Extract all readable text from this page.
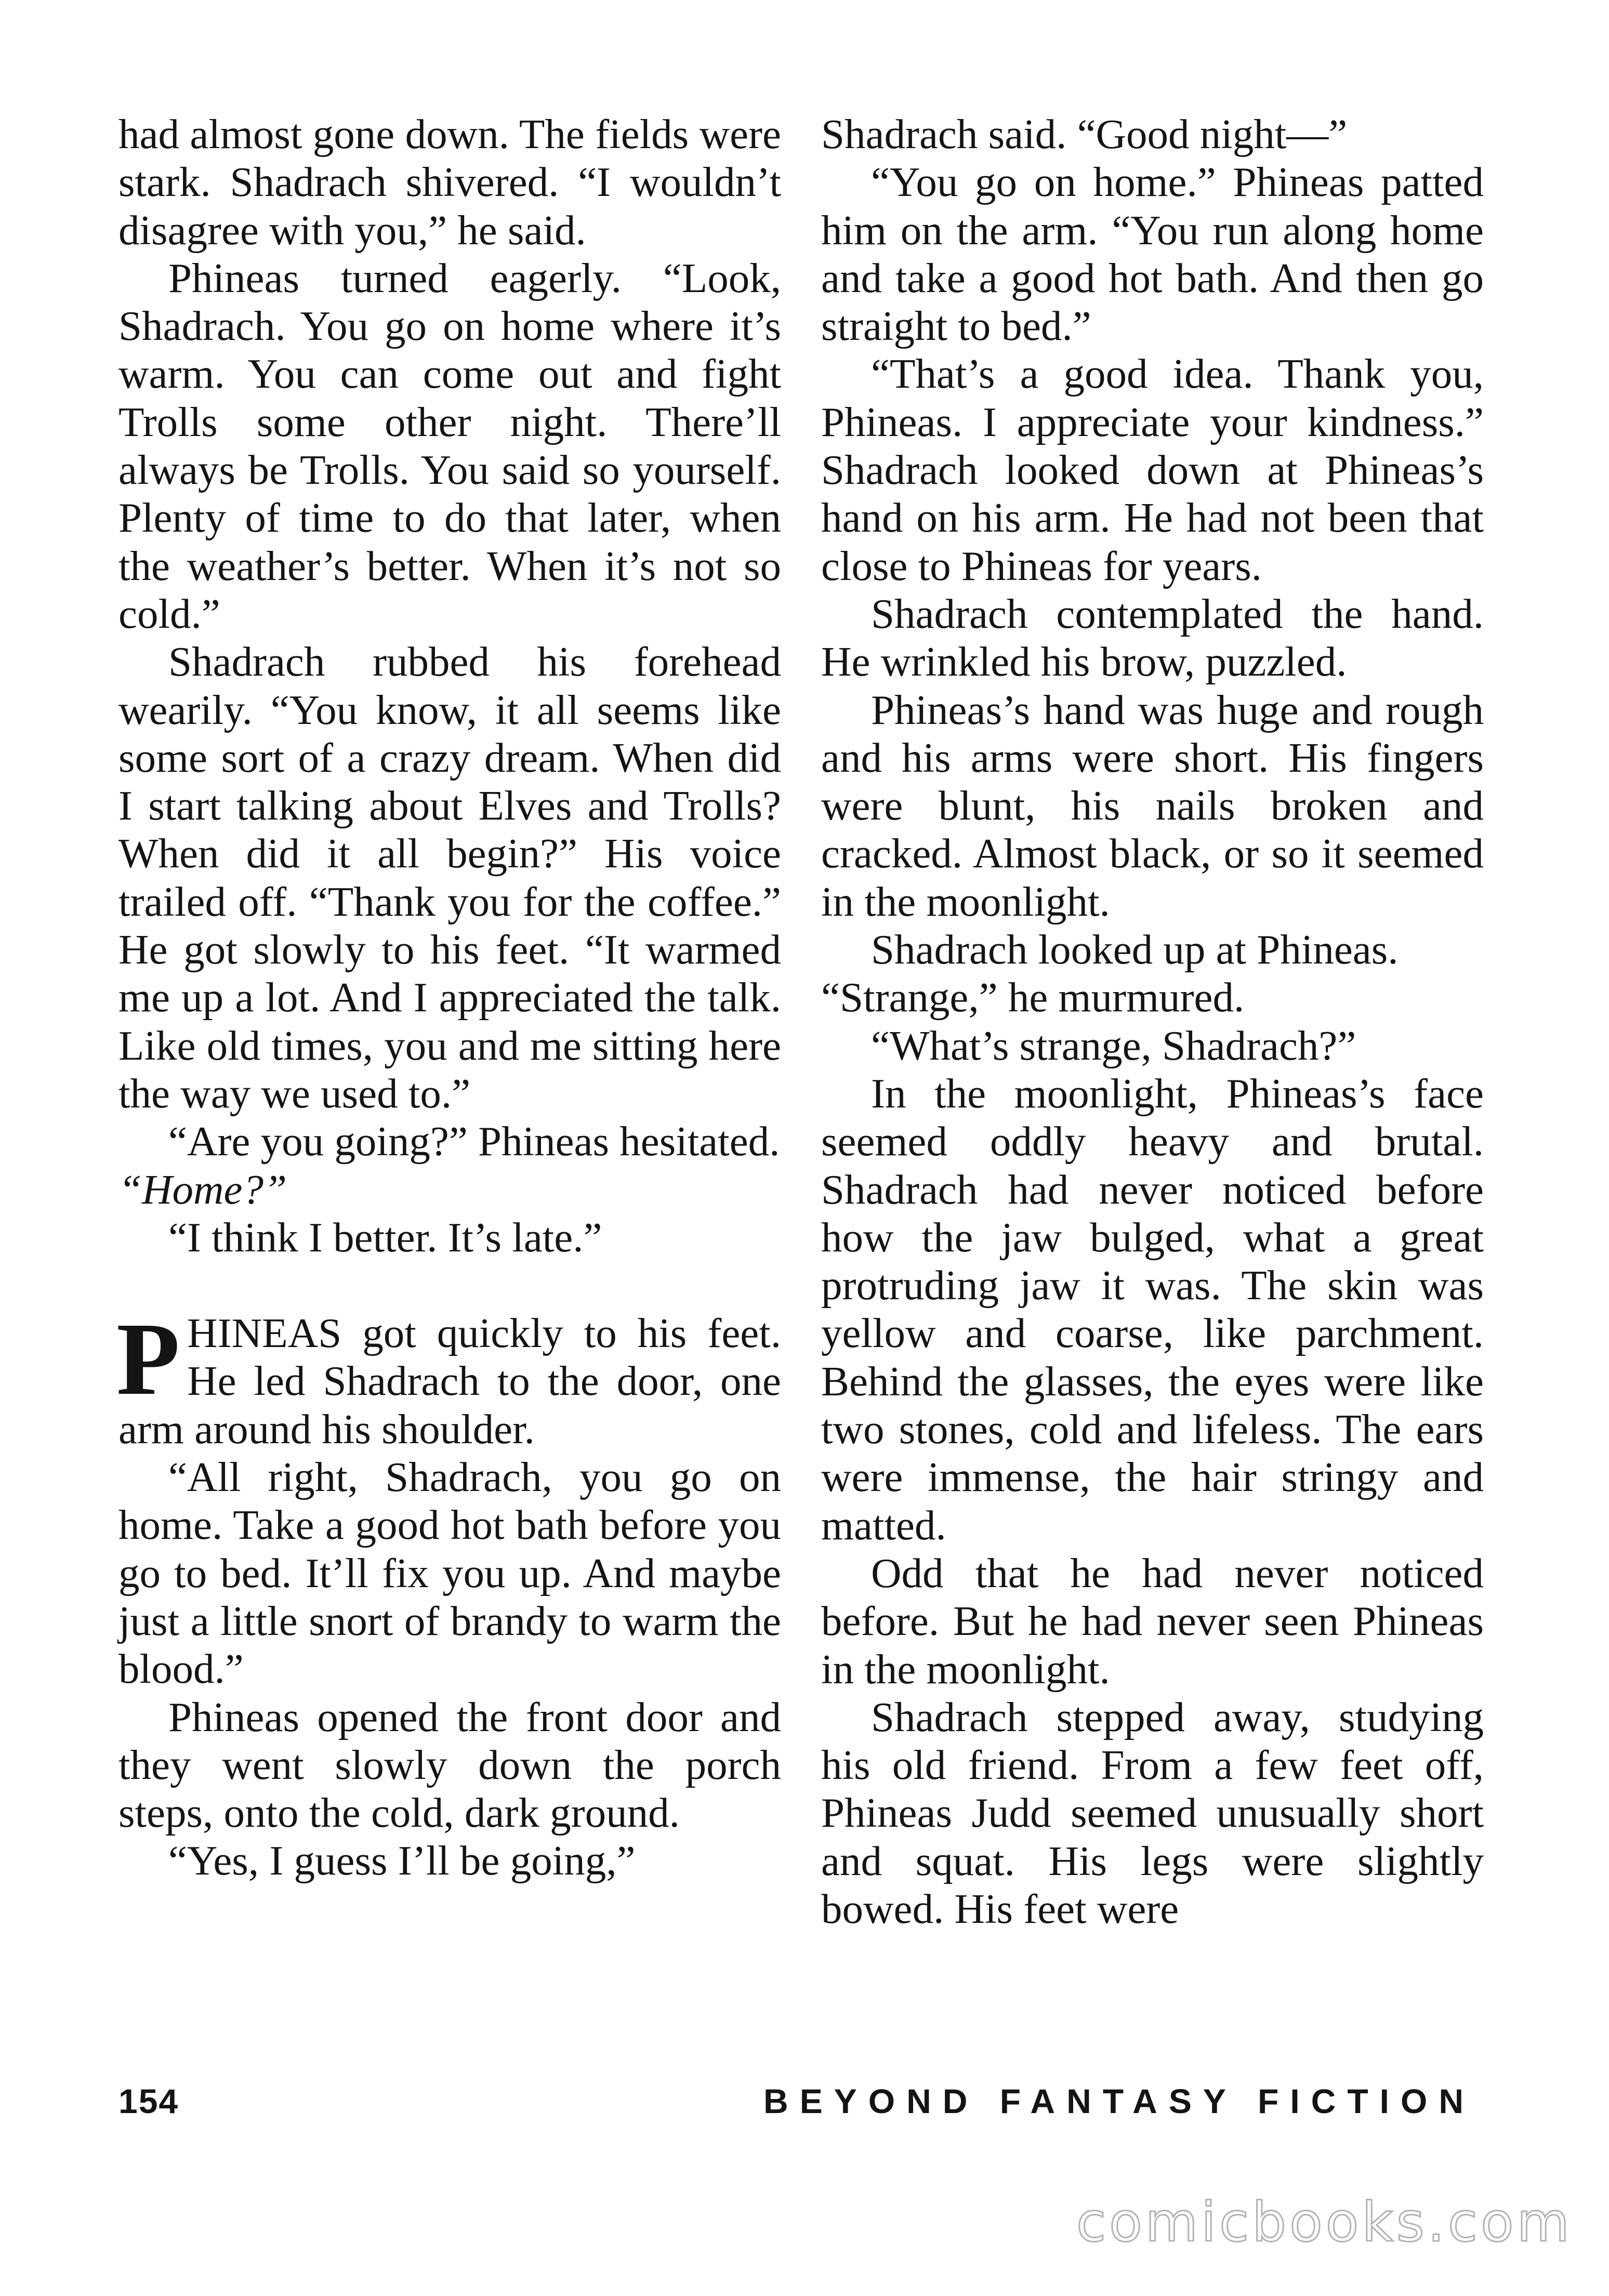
had almost gone down. The fields were stark. Shadrach shivered. “I wouldn’t disagree with you,” he said.

Phineas turned eagerly. “Look, Shadrach. You go on home where it’s warm. You can come out and fight Trolls some other night. There’ll always be Trolls. You said so yourself. Plenty of time to do that later, when the weather’s better. When it’s not so cold.”

Shadrach rubbed his forehead wearily. “You know, it all seems like some sort of a crazy dream. When did I start talking about Elves and Trolls? When did it all begin?” His voice trailed off. “Thank you for the coffee.” He got slowly to his feet. “It warmed me up a lot. And I appreciated the talk. Like old times, you and me sitting here the way we used to.”

“Are you going?” Phineas hesitated. “Home?”

“I think I better. It’s late.”

PHINEAS got quickly to his feet. He led Shadrach to the door, one arm around his shoulder.

“All right, Shadrach, you go on home. Take a good hot bath before you go to bed. It’ll fix you up. And maybe just a little snort of brandy to warm the blood.”

Phineas opened the front door and they went slowly down the porch steps, onto the cold, dark ground.

“Yes, I guess I’ll be going,”

Shadrach said. “Good night—”

“You go on home.” Phineas patted him on the arm. “You run along home and take a good hot bath. And then go straight to bed.”

“That’s a good idea. Thank you, Phineas. I appreciate your kindness.” Shadrach looked down at Phineas’s hand on his arm. He had not been that close to Phineas for years.

Shadrach contemplated the hand. He wrinkled his brow, puzzled.

Phineas’s hand was huge and rough and his arms were short. His fingers were blunt, his nails broken and cracked. Almost black, or so it seemed in the moonlight.

Shadrach looked up at Phineas. “Strange,” he murmured.

“What’s strange, Shadrach?”

In the moonlight, Phineas’s face seemed oddly heavy and brutal. Shadrach had never noticed before how the jaw bulged, what a great protruding jaw it was. The skin was yellow and coarse, like parchment. Behind the glasses, the eyes were like two stones, cold and lifeless. The ears were immense, the hair stringy and matted.

Odd that he had never noticed before. But he had never seen Phineas in the moonlight.

Shadrach stepped away, studying his old friend. From a few feet off, Phineas Judd seemed unusually short and squat. His legs were slightly bowed. His feet were

154	BEYOND FANTASY FICTION
comicbooks.com
